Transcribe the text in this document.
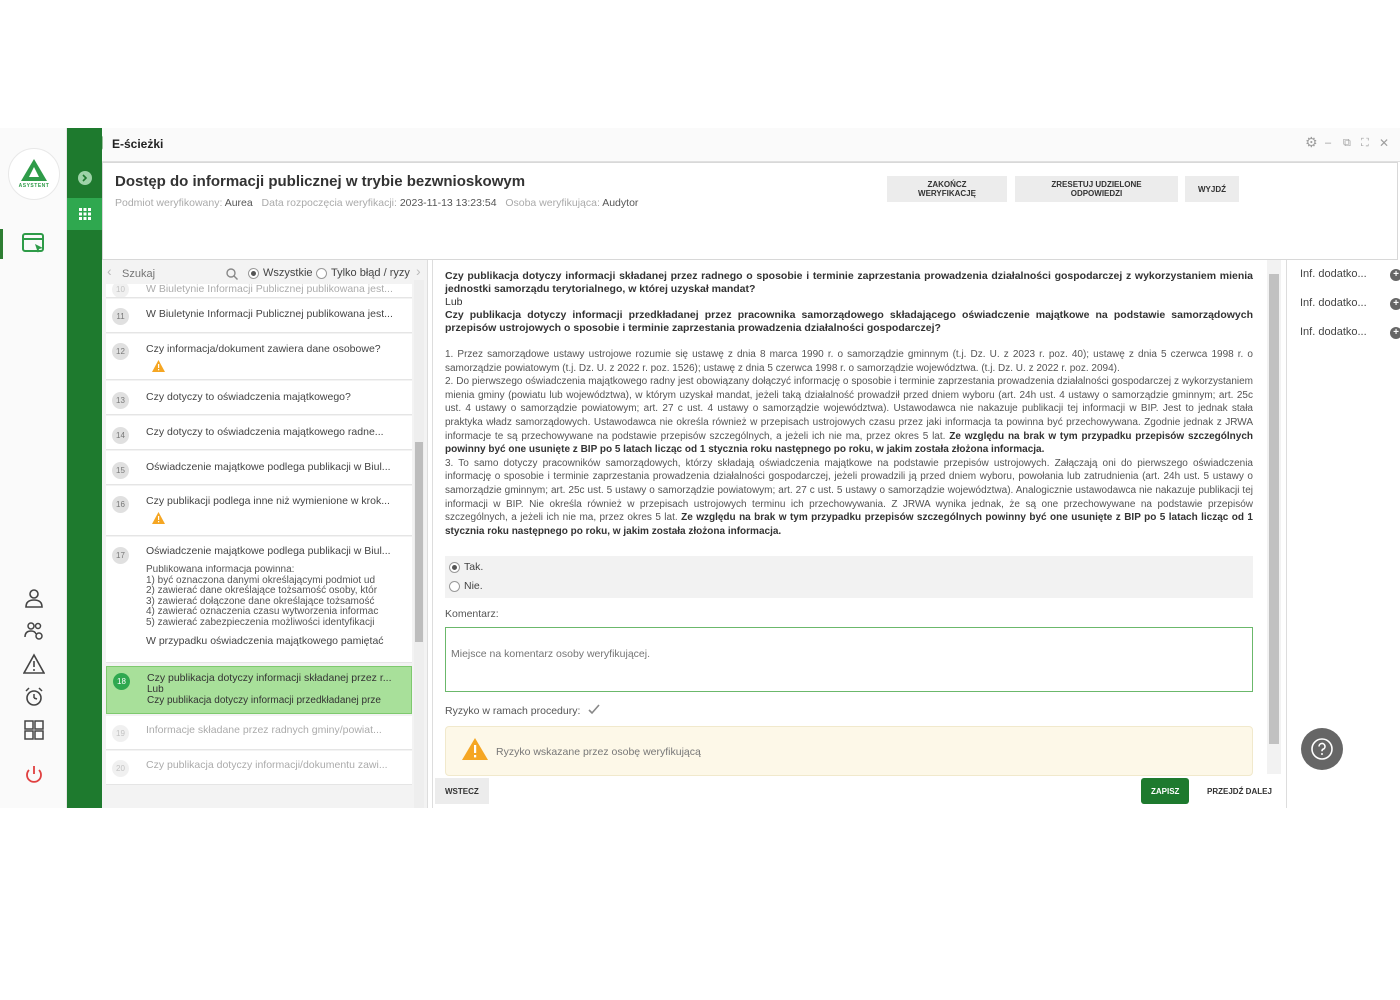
ASYSTENT
E-ścieżki	⚙ – ⧉ ⛶ ✕
Dostęp do informacji publicznej w trybie bezwnioskowym
Podmiot weryfikowany: Aurea Data rozpoczęcia weryfikacji: 2023-11-13 13:23:54 Osoba weryfikująca: Audytor
ZAKOŃCZ WERYFIKACJĘ
ZRESETUJ UDZIELONE ODPOWIEDZI	WYJDŹ
‹
Szukaj	Wszystkie Tylko błąd / ryzy ›
10	W Biuletynie Informacji Publicznej publikowana jest...
11	W Biuletynie Informacji Publicznej publikowana jest...
12	Czy informacja/dokument zawiera dane osobowe?
13	Czy dotyczy to oświadczenia majątkowego?
14	Czy dotyczy to oświadczenia majątkowego radne...
15	Oświadczenie majątkowe podlega publikacji w Biul...
16	Czy publikacji podlega inne niż wymienione w krok...
17	Oświadczenie majątkowe podlega publikacji w Biul...
Publikowana informacja powinna:
1) być oznaczona danymi określającymi podmiot ud
2) zawierać dane określające tożsamość osoby, któr
3) zawierać dołączone dane określające tożsamość
4) zawierać oznaczenia czasu wytworzenia informac
5) zawierać zabezpieczenia możliwości identyfikacji
W przypadku oświadczenia majątkowego pamiętać
18	Czy publikacja dotyczy informacji składanej przez r...
Lub
Czy publikacja dotyczy informacji przedkładanej prze
19	Informacje składane przez radnych gminy/powiat...
20	Czy publikacja dotyczy informacji/dokumentu zawi...
Czy publikacja dotyczy informacji składanej przez radnego o sposobie i terminie zaprzestania prowadzenia działalności gospodarczej z wykorzystaniem mienia jednostki samorządu terytorialnego, w której uzyskał mandat?
Lub
Czy publikacja dotyczy informacji przedkładanej przez pracownika samorządowego składającego oświadczenie majątkowe na podstawie samorządowych przepisów ustrojowych o sposobie i terminie zaprzestania prowadzenia działalności gospodarczej?
1. Przez samorządowe ustawy ustrojowe rozumie się ustawę z dnia 8 marca 1990 r. o samorządzie gminnym (t.j. Dz. U. z 2023 r. poz. 40); ustawę z dnia 5 czerwca 1998 r. o samorządzie powiatowym (t.j. Dz. U. z 2022 r. poz. 1526); ustawę z dnia 5 czerwca 1998 r. o samorządzie województwa. (t.j. Dz. U. z 2022 r. poz. 2094).
2. Do pierwszego oświadczenia majątkowego radny jest obowiązany dołączyć informację o sposobie i terminie zaprzestania prowadzenia działalności gospodarczej z wykorzystaniem mienia gminy (powiatu lub województwa), w którym uzyskał mandat, jeżeli taką działalność prowadził przed dniem wyboru (art. 24h ust. 4 ustawy o samorządzie gminnym; art. 25c ust. 4 ustawy o samorządzie powiatowym; art. 27 c ust. 4 ustawy o samorządzie województwa). Ustawodawca nie nakazuje publikacji tej informacji w BIP. Jest to jednak stała praktyka władz samorządowych. Ustawodawca nie określa również w przepisach ustrojowych czasu przez jaki informacja ta powinna być przechowywana. Zgodnie jednak z JRWA informacje te są przechowywane na podstawie przepisów szczególnych, a jeżeli ich nie ma, przez okres 5 lat. Ze względu na brak w tym przypadku przepisów szczególnych powinny być one usunięte z BIP po 5 latach licząc od 1 stycznia roku następnego po roku, w jakim została złożona informacja.
3. To samo dotyczy pracowników samorządowych, którzy składają oświadczenia majątkowe na podstawie przepisów ustrojowych. Załączają oni do pierwszego oświadczenia informację o sposobie i terminie zaprzestania prowadzenia działalności gospodarczej, jeżeli prowadzili ją przed dniem wyboru, powołania lub zatrudnienia (art. 24h ust. 5 ustawy o samorządzie gminnym; art. 25c ust. 5 ustawy o samorządzie powiatowym; art. 27 c ust. 5 ustawy o samorządzie województwa). Analogicznie ustawodawca nie nakazuje publikacji tej informacji w BIP. Nie określa również w przepisach ustrojowych terminu ich przechowywania. Z JRWA wynika jednak, że są one przechowywane na podstawie przepisów szczególnych, a jeżeli ich nie ma, przez okres 5 lat. Ze względu na brak w tym przypadku przepisów szczególnych powinny być one usunięte z BIP po 5 latach licząc od 1 stycznia roku następnego po roku, w jakim została złożona informacja.
Tak.
Nie.
Komentarz:
Miejsce na komentarz osoby weryfikującej.
Ryzyko w ramach procedury:
Ryzyko wskazane przez osobę weryfikującą
WSTECZ	ZAPISZ	PRZEJDŹ DALEJ
Inf. dodatko...	+
Inf. dodatko...	+
Inf. dodatko...	+
